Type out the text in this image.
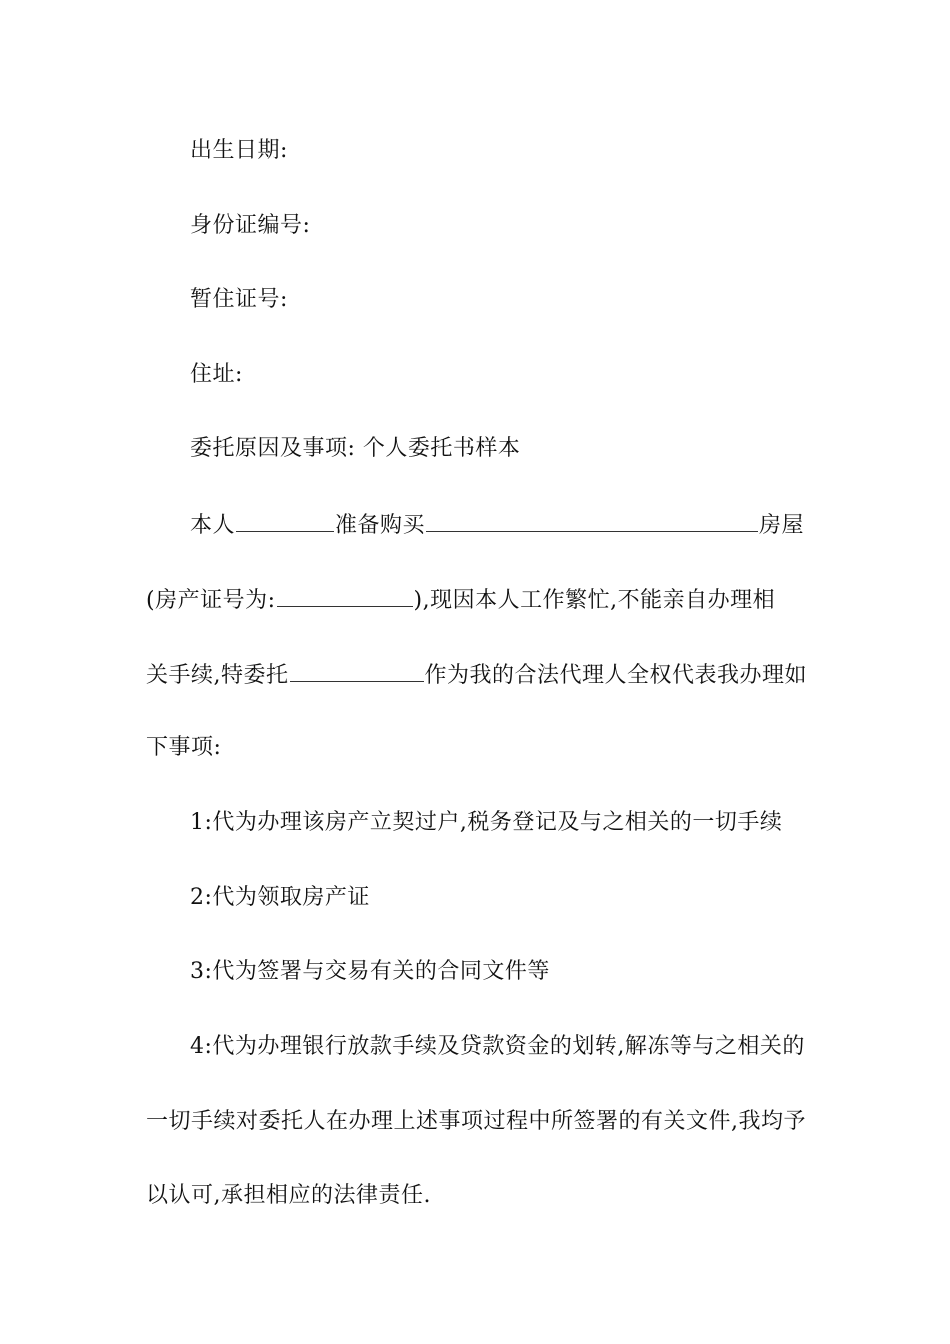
出生日期:
身份证编号:
暂住证号:
住址:
委托原因及事项: 个人委托书样本
本人	准备购买	房屋
(房产证号为:	),现因本人工作繁忙,不能亲自办理相
关手续,特委托	作为我的合法代理人全权代表我办理如
下事项:
1:代为办理该房产立契过户,税务登记及与之相关的一切手续
2:代为领取房产证
3:代为签署与交易有关的合同文件等
4:代为办理银行放款手续及贷款资金的划转,解冻等与之相关的
一切手续对委托人在办理上述事项过程中所签署的有关文件,我均予
以认可,承担相应的法律责任.
